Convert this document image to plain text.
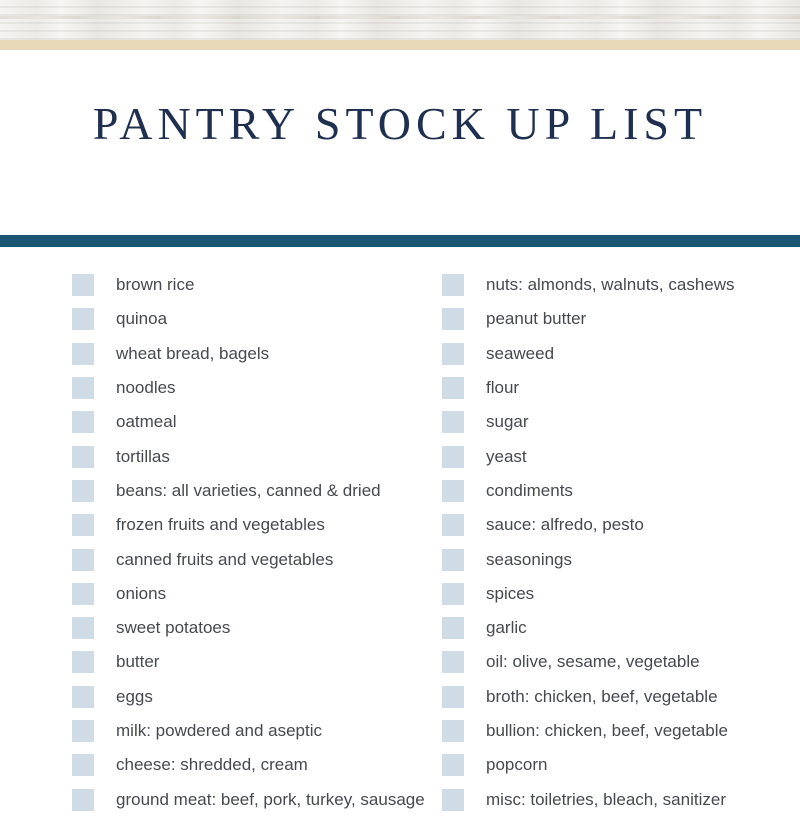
PANTRY STOCK UP LIST
brown rice
quinoa
wheat bread, bagels
noodles
oatmeal
tortillas
beans: all varieties, canned & dried
frozen fruits and vegetables
canned fruits and vegetables
onions
sweet potatoes
butter
eggs
milk: powdered and aseptic
cheese: shredded, cream
ground meat: beef, pork, turkey, sausage
nuts: almonds, walnuts, cashews
peanut butter
seaweed
flour
sugar
yeast
condiments
sauce: alfredo, pesto
seasonings
spices
garlic
oil: olive, sesame, vegetable
broth: chicken, beef, vegetable
bullion: chicken, beef, vegetable
popcorn
misc: toiletries, bleach, sanitizer
